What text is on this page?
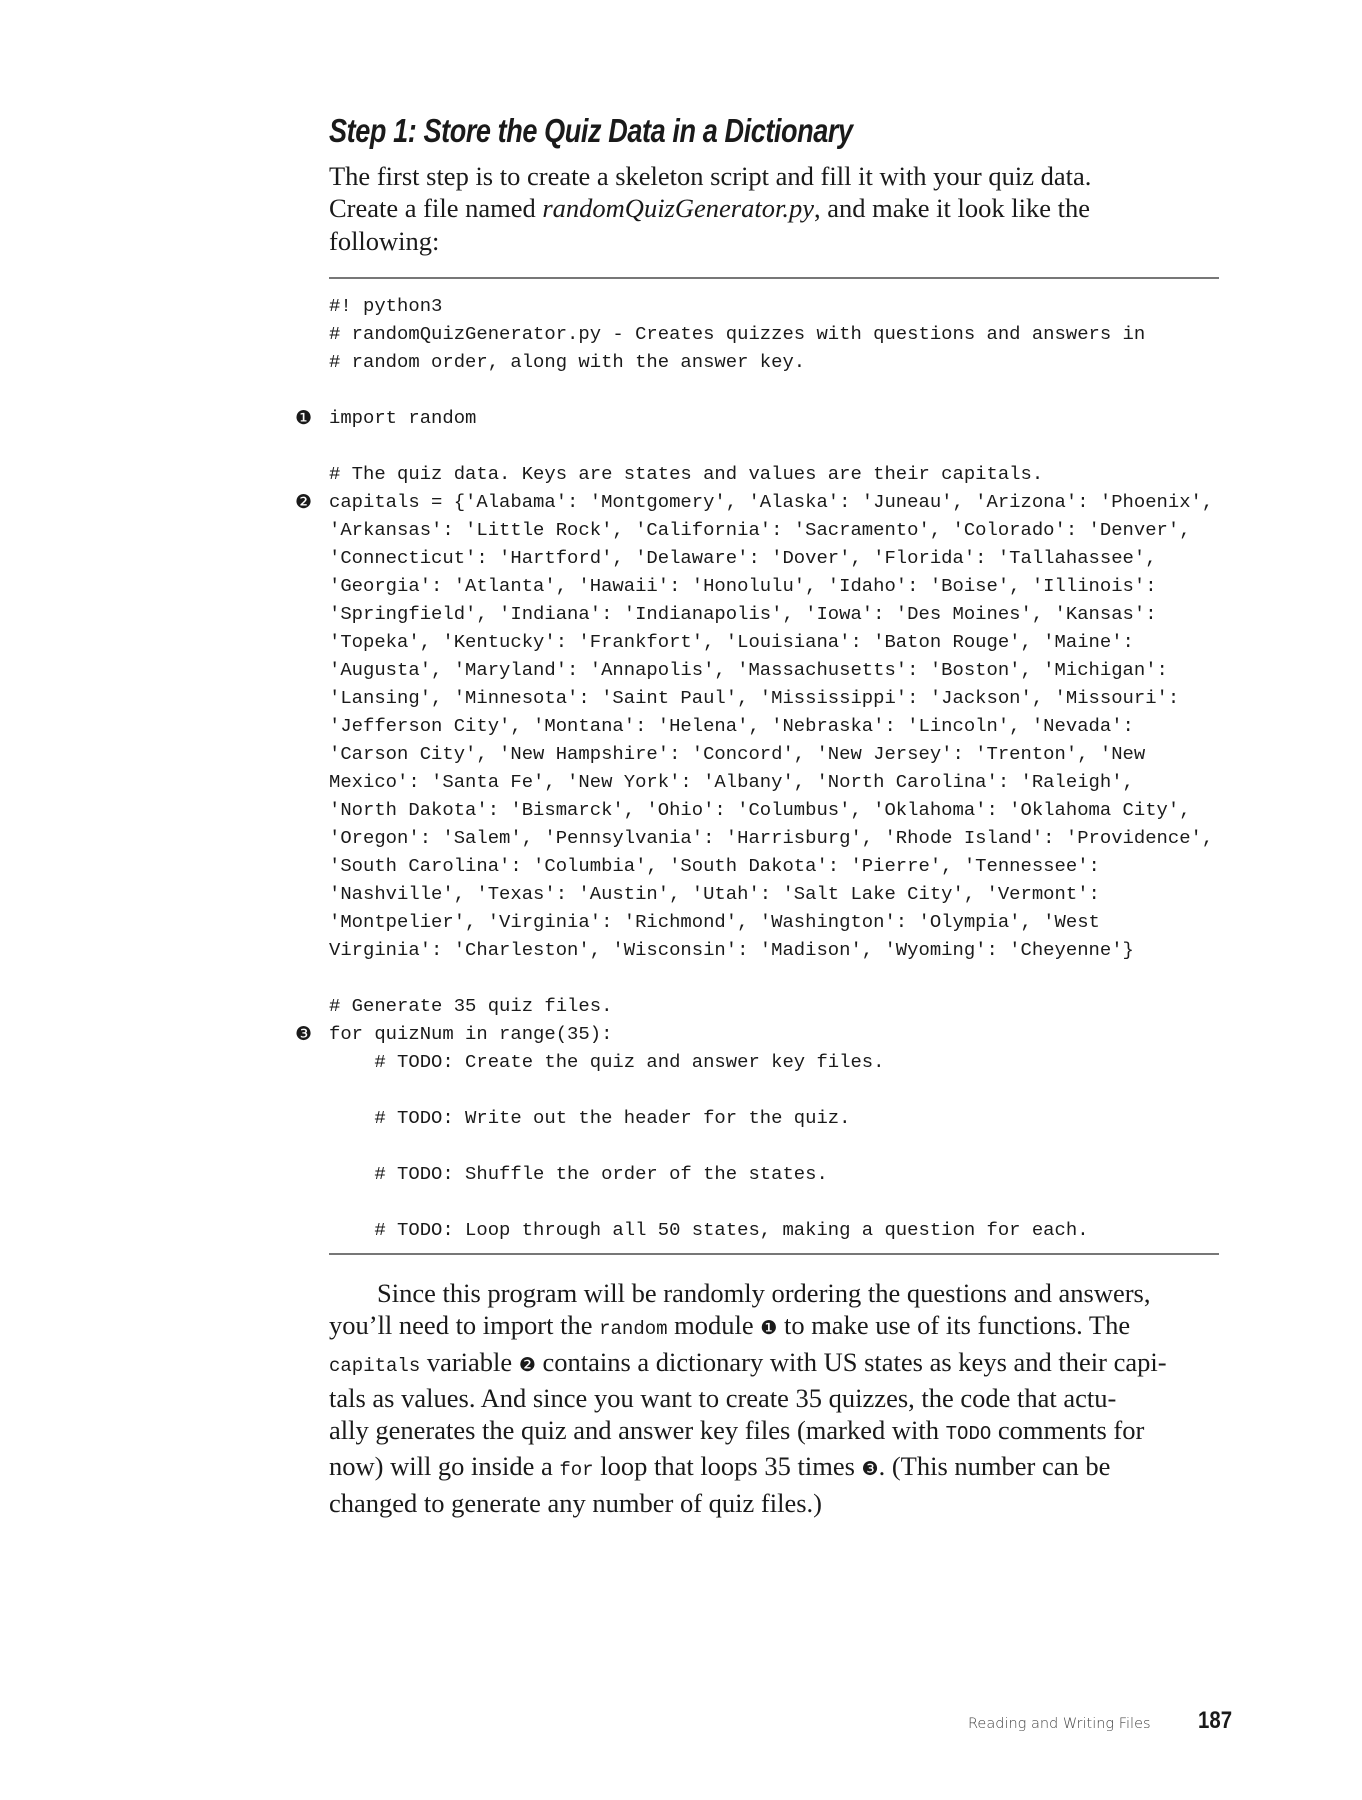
Step 1: Store the Quiz Data in a Dictionary
The first step is to create a skeleton script and fill it with your quiz data.
Create a file named randomQuizGenerator.py, and make it look like the
following:
#! python3
# randomQuizGenerator.py - Creates quizzes with questions and answers in
# random order, along with the answer key.
❶ import random
# The quiz data. Keys are states and values are their capitals.
❷ capitals = {'Alabama': 'Montgomery', 'Alaska': 'Juneau', 'Arizona': 'Phoenix',
'Arkansas': 'Little Rock', 'California': 'Sacramento', 'Colorado': 'Denver',
'Connecticut': 'Hartford', 'Delaware': 'Dover', 'Florida': 'Tallahassee',
'Georgia': 'Atlanta', 'Hawaii': 'Honolulu', 'Idaho': 'Boise', 'Illinois':
'Springfield', 'Indiana': 'Indianapolis', 'Iowa': 'Des Moines', 'Kansas':
'Topeka', 'Kentucky': 'Frankfort', 'Louisiana': 'Baton Rouge', 'Maine':
'Augusta', 'Maryland': 'Annapolis', 'Massachusetts': 'Boston', 'Michigan':
'Lansing', 'Minnesota': 'Saint Paul', 'Mississippi': 'Jackson', 'Missouri':
'Jefferson City', 'Montana': 'Helena', 'Nebraska': 'Lincoln', 'Nevada':
'Carson City', 'New Hampshire': 'Concord', 'New Jersey': 'Trenton', 'New
Mexico': 'Santa Fe', 'New York': 'Albany', 'North Carolina': 'Raleigh',
'North Dakota': 'Bismarck', 'Ohio': 'Columbus', 'Oklahoma': 'Oklahoma City',
'Oregon': 'Salem', 'Pennsylvania': 'Harrisburg', 'Rhode Island': 'Providence',
'South Carolina': 'Columbia', 'South Dakota': 'Pierre', 'Tennessee':
'Nashville', 'Texas': 'Austin', 'Utah': 'Salt Lake City', 'Vermont':
'Montpelier', 'Virginia': 'Richmond', 'Washington': 'Olympia', 'West
Virginia': 'Charleston', 'Wisconsin': 'Madison', 'Wyoming': 'Cheyenne'}
# Generate 35 quiz files.
❸ for quizNum in range(35):
# TODO: Create the quiz and answer key files.
# TODO: Write out the header for the quiz.
# TODO: Shuffle the order of the states.
# TODO: Loop through all 50 states, making a question for each.
Since this program will be randomly ordering the questions and answers,
you’ll need to import the random module ❶ to make use of its functions. The
capitals variable ❷ contains a dictionary with US states as keys and their capi-
tals as values. And since you want to create 35 quizzes, the code that actu-
ally generates the quiz and answer key files (marked with TODO comments for
now) will go inside a for loop that loops 35 times ❸. (This number can be
changed to generate any number of quiz files.)
Reading and Writing Files 187
